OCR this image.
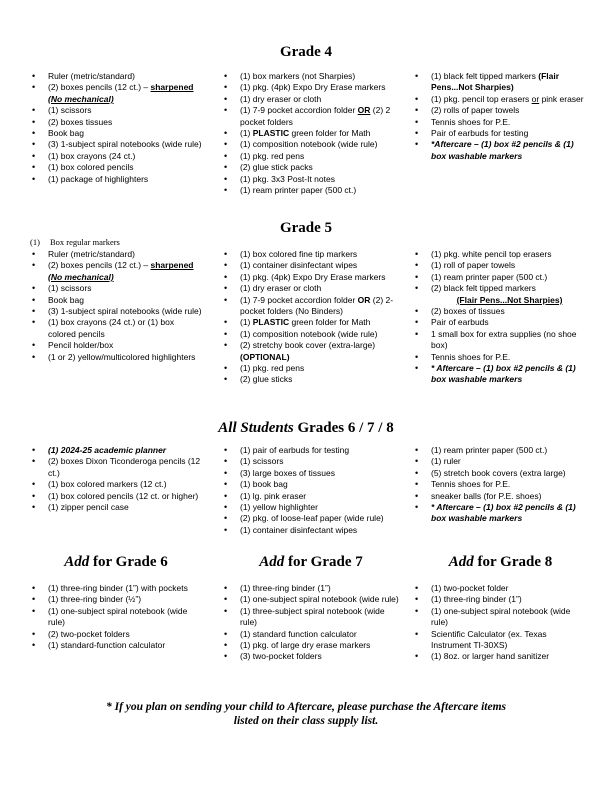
Grade 4
• Ruler (metric/standard)
• (2) boxes pencils (12 ct.) – sharpened (No mechanical)
• (1) scissors
• (2) boxes tissues
• Book bag
• (3) 1-subject spiral notebooks (wide rule)
• (1) box crayons (24 ct.)
• (1) box colored pencils
• (1) package of highlighters
• (1) box markers (not Sharpies)
• (1) pkg. (4pk) Expo Dry Erase markers
• (1) dry eraser or cloth
• (1) 7-9 pocket accordion folder OR (2) 2 pocket folders
• (1) PLASTIC green folder for Math
• (1) composition notebook (wide rule)
• (1) pkg. red pens
• (2) glue stick packs
• (1) pkg. 3x3 Post-It notes
• (1) ream printer paper (500 ct.)
• (1) black felt tipped markers (Flair Pens...Not Sharpies)
• (1) pkg. pencil top erasers or pink eraser
• (2) rolls of paper towels
• Tennis shoes for P.E.
• Pair of earbuds for testing
• *Aftercare – (1) box #2 pencils & (1) box washable markers
Grade 5
(1) Box regular markers
• Ruler (metric/standard)
• (2) boxes pencils (12 ct.) – sharpened (No mechanical)
• (1) scissors
• Book bag
• (3) 1-subject spiral notebooks (wide rule)
• (1) box crayons (24 ct.) or (1) box colored pencils
• Pencil holder/box
• (1 or 2) yellow/multicolored highlighters
• (1) box colored fine tip markers
• (1) container disinfectant wipes
• (1) pkg. (4pk) Expo Dry Erase markers
• (1) dry eraser or cloth
• (1) 7-9 pocket accordion folder OR (2) 2-pocket folders (No Binders)
• (1) PLASTIC green folder for Math
• (1) composition notebook (wide rule)
• (2) stretchy book cover (extra-large) (OPTIONAL)
• (1) pkg. red pens
• (2) glue sticks
• (1) pkg. white pencil top erasers
• (1) roll of paper towels
• (1) ream printer paper (500 ct.)
• (2) black felt tipped markers
(Flair Pens...Not Sharpies)
• (2) boxes of tissues
• Pair of earbuds
• 1 small box for extra supplies (no shoe box)
• Tennis shoes for P.E.
• * Aftercare – (1) box #2 pencils & (1) box washable markers
All Students Grades 6 / 7 / 8
• (1) 2024-25 academic planner
• (2) boxes Dixon Ticonderoga pencils (12 ct.)
• (1) box colored markers (12 ct.)
• (1) box colored pencils (12 ct. or higher)
• (1) zipper pencil case
• (1) pair of earbuds for testing
• (1) scissors
• (3) large boxes of tissues
• (1) book bag
• (1) lg. pink eraser
• (1) yellow highlighter
• (2) pkg. of loose-leaf paper (wide rule)
• (1) container disinfectant wipes
• (1) ream printer paper (500 ct.)
• (1) ruler
• (5) stretch book covers (extra large)
• Tennis shoes for P.E.
• sneaker balls (for P.E. shoes)
• * Aftercare – (1) box #2 pencils & (1) box washable markers
Add for Grade 6	Add for Grade 7	Add for Grade 8
• (1) three-ring binder (1”) with pockets
• (1) three-ring binder (½”)
• (1) one-subject spiral notebook (wide rule)
• (2) two-pocket folders
• (1) standard-function calculator
• (1) three-ring binder (1”)
• (1) one-subject spiral notebook (wide rule)
• (1) three-subject spiral notebook (wide rule)
• (1) standard function calculator
• (1) pkg. of large dry erase markers
• (3) two-pocket folders
• (1) two-pocket folder
• (1) three-ring binder (1”)
• (1) one-subject spiral notebook (wide rule)
• Scientific Calculator (ex. Texas Instrument TI-30XS)
• (1) 8oz. or larger hand sanitizer
* If you plan on sending your child to Aftercare, please purchase the Aftercare items
listed on their class supply list.
